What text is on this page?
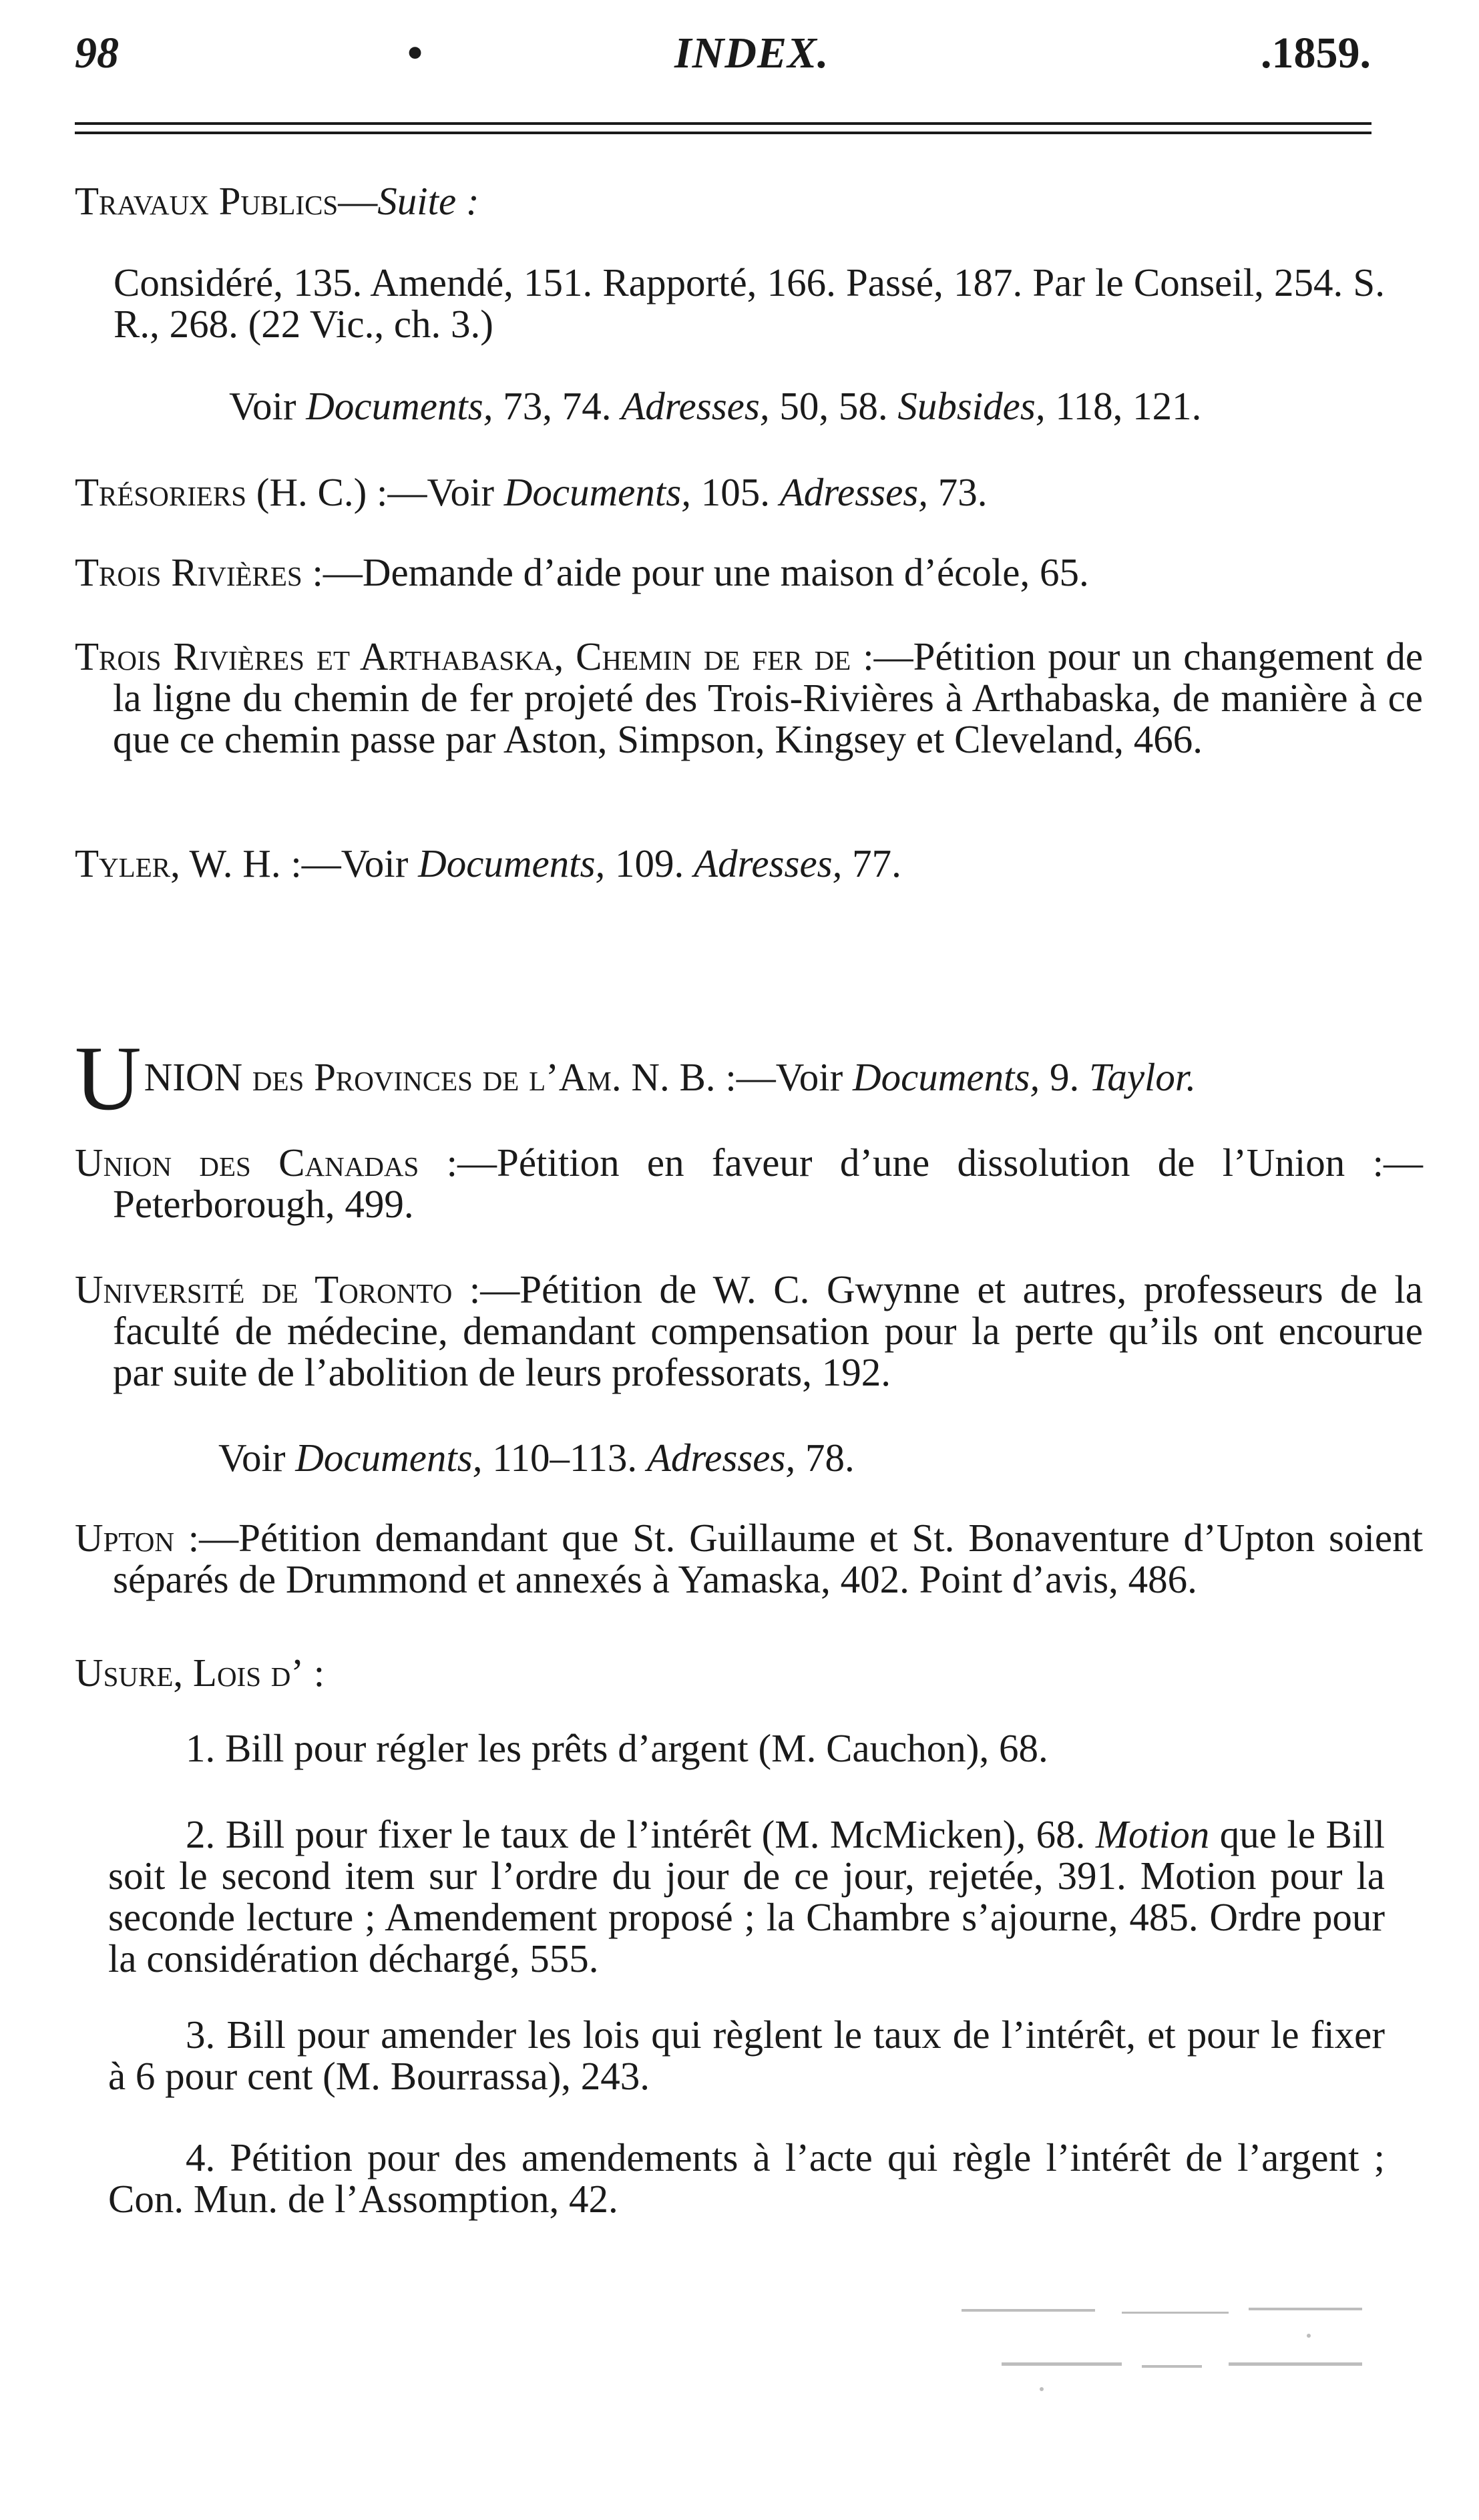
98	•	INDEX.	.1859.
Travaux Publics—Suite :
Considéré, 135. Amendé, 151. Rapporté, 166. Passé, 187. Par le Conseil, 254. S. R., 268. (22 Vic., ch. 3.)
Voir Documents, 73, 74. Adresses, 50, 58. Subsides, 118, 121.
Trésoriers (H. C.) :—Voir Documents, 105. Adresses, 73.
Trois Rivières :—Demande d’aide pour une maison d’école, 65.
Trois Rivières et Arthabaska, Chemin de fer de :—Pétition pour un changement de la ligne du chemin de fer projeté des Trois-Rivières à Arthabaska, de manière à ce que ce chemin passe par Aston, Simpson, Kingsey et Cleveland, 466.
Tyler, W. H. :—Voir Documents, 109. Adresses, 77.
UNION des Provinces de l’Am. N. B. :—Voir Documents, 9. Taylor.
Union des Canadas :—Pétition en faveur d’une dissolution de l’Union :—Peterborough, 499.
Université de Toronto :—Pétition de W. C. Gwynne et autres, professeurs de la faculté de médecine, demandant compensation pour la perte qu’ils ont encourue par suite de l’abolition de leurs professorats, 192.
Voir Documents, 110–113. Adresses, 78.
Upton :—Pétition demandant que St. Guillaume et St. Bonaventure d’Upton soient séparés de Drummond et annexés à Yamaska, 402. Point d’avis, 486.
Usure, Lois d’ :
1. Bill pour régler les prêts d’argent (M. Cauchon), 68.
2. Bill pour fixer le taux de l’intérêt (M. McMicken), 68. Motion que le Bill soit le second item sur l’ordre du jour de ce jour, rejetée, 391. Motion pour la seconde lecture ; Amendement proposé ; la Chambre s’ajourne, 485. Ordre pour la considération déchargé, 555.
3. Bill pour amender les lois qui règlent le taux de l’intérêt, et pour le fixer à 6 pour cent (M. Bourrassa), 243.
4. Pétition pour des amendements à l’acte qui règle l’intérêt de l’argent ; Con. Mun. de l’Assomption, 42.
